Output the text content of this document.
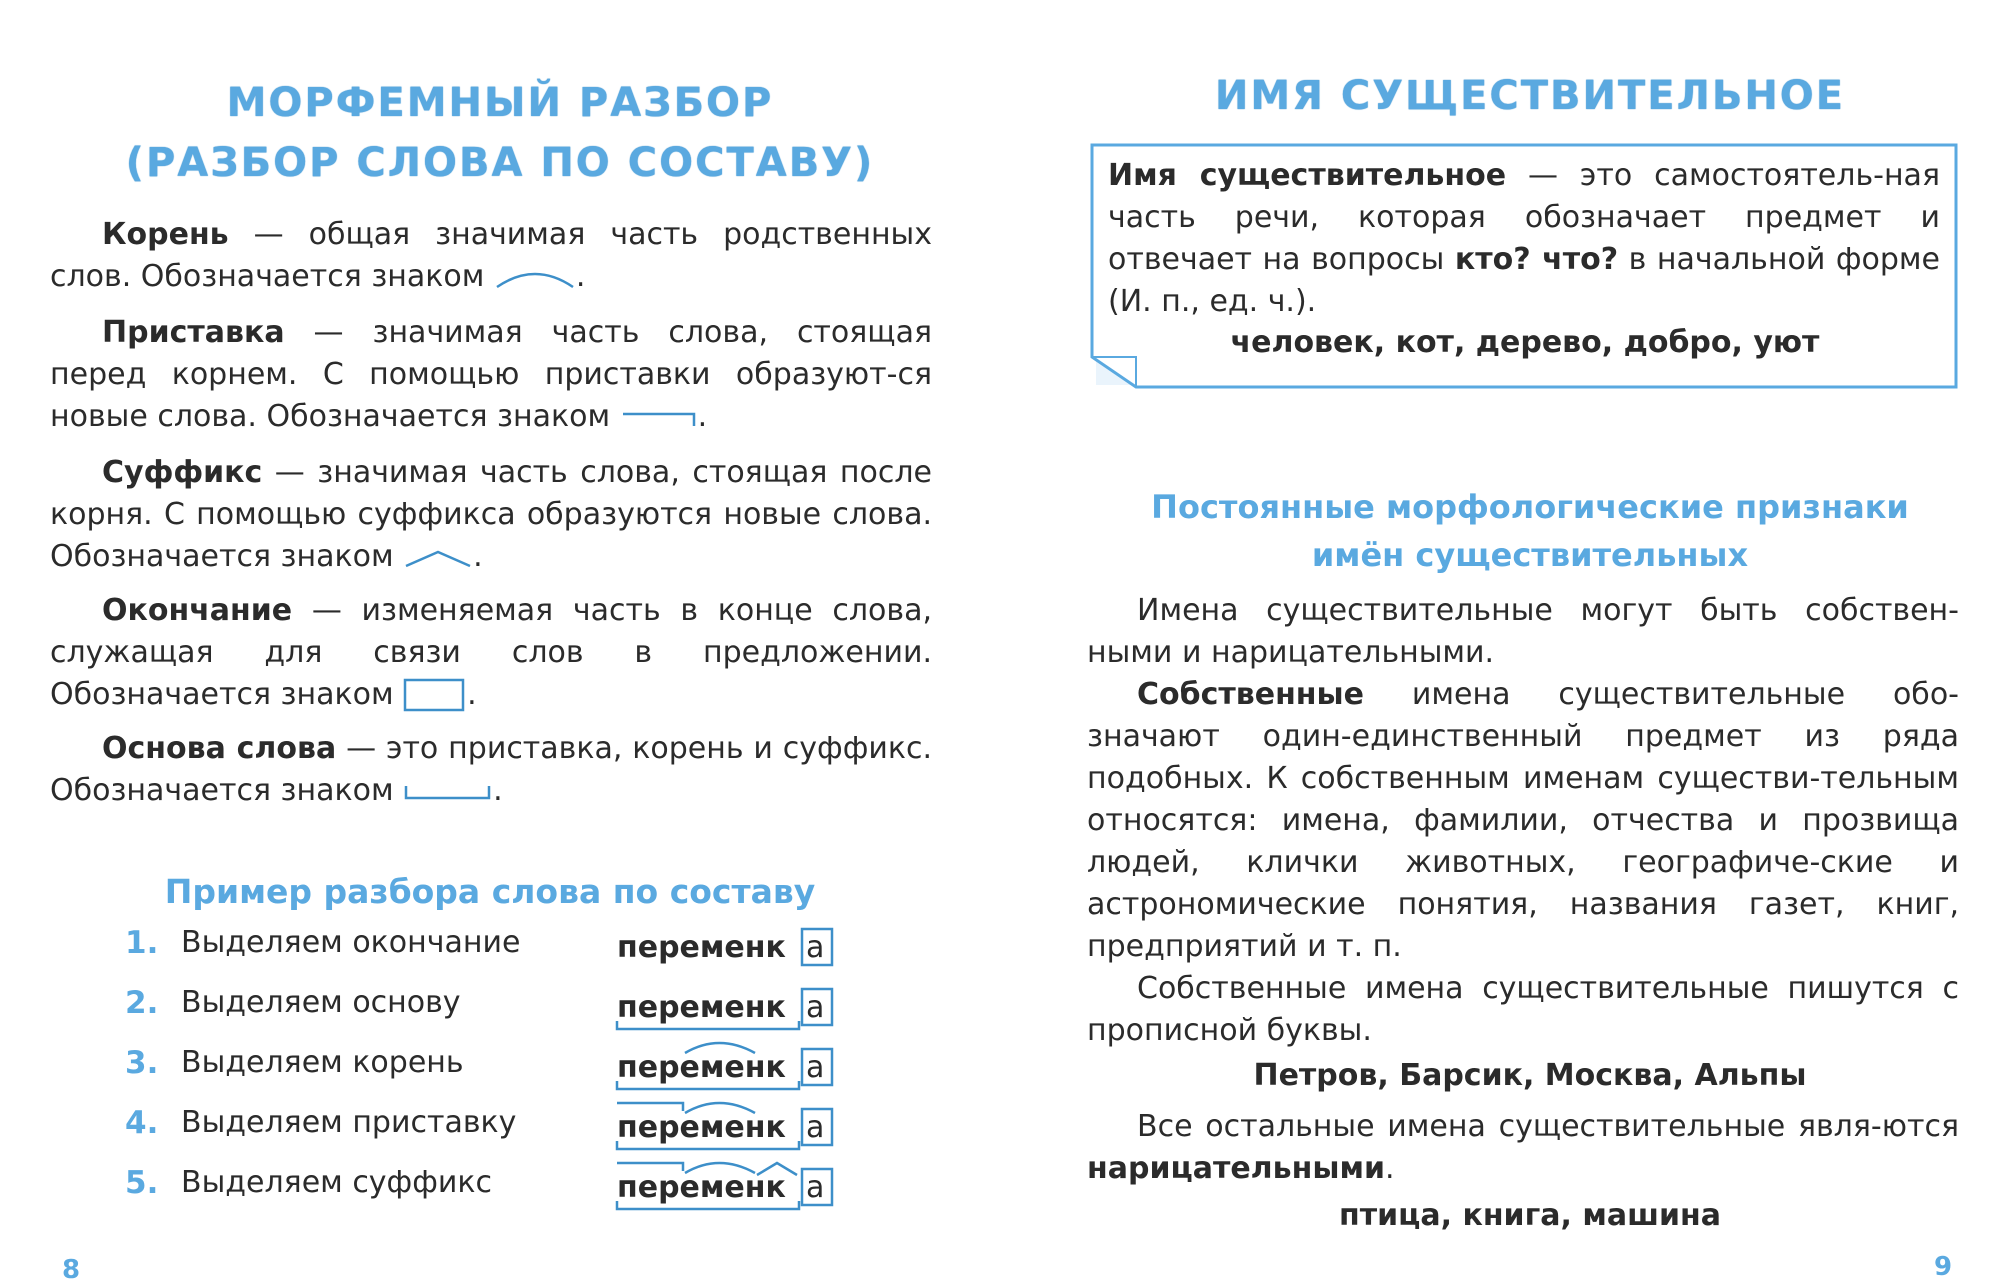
МОРФЕМНЫЙ РАЗБОР
(РАЗБОР СЛОВА ПО СОСТАВУ)
Корень — общая значимая часть родственных слов. Обозначается знаком	.
Приставка — значимая часть слова, стоящая перед корнем. С помощью приставки образуют-ся новые слова. Обозначается знаком	.
Суффикс — значимая часть слова, стоящая после корня. С помощью суффикса образуются новые слова. Обозначается знаком .
Окончание — изменяемая часть в конце слова, служащая для связи слов в предложении. Обозначается знаком .
Основа слова — это приставка, корень и суффикс. Обозначается знаком	.
Пример разбора слова по составу
1. Выделяем окончание	переменк а
2. Выделяем основу	переменк а
3. Выделяем корень	переменк а
4. Выделяем приставку	переменк а
5. Выделяем суффикс	переменк а
8
ИМЯ СУЩЕСТВИТЕЛЬНОЕ
Имя существительное — это самостоятель-ная часть речи, которая обозначает предмет и отвечает на вопросы кто? что? в начальной форме (И. п., ед. ч.).
человек, кот, дерево, добро, уют
Постоянные морфологические признаки
имён существительных
Имена существительные могут быть собствен-ными и нарицательными.
Собственные имена существительные обо-значают один-единственный предмет из ряда подобных. К собственным именам существи-тельным относятся: имена, фамилии, отчества и прозвища людей, клички животных, географиче-ские и астрономические понятия, названия газет, книг, предприятий и т. п.
Собственные имена существительные пишутся с прописной буквы.
Петров, Барсик, Москва, Альпы
Все остальные имена существительные явля-ются нарицательными.
птица, книга, машина
9
